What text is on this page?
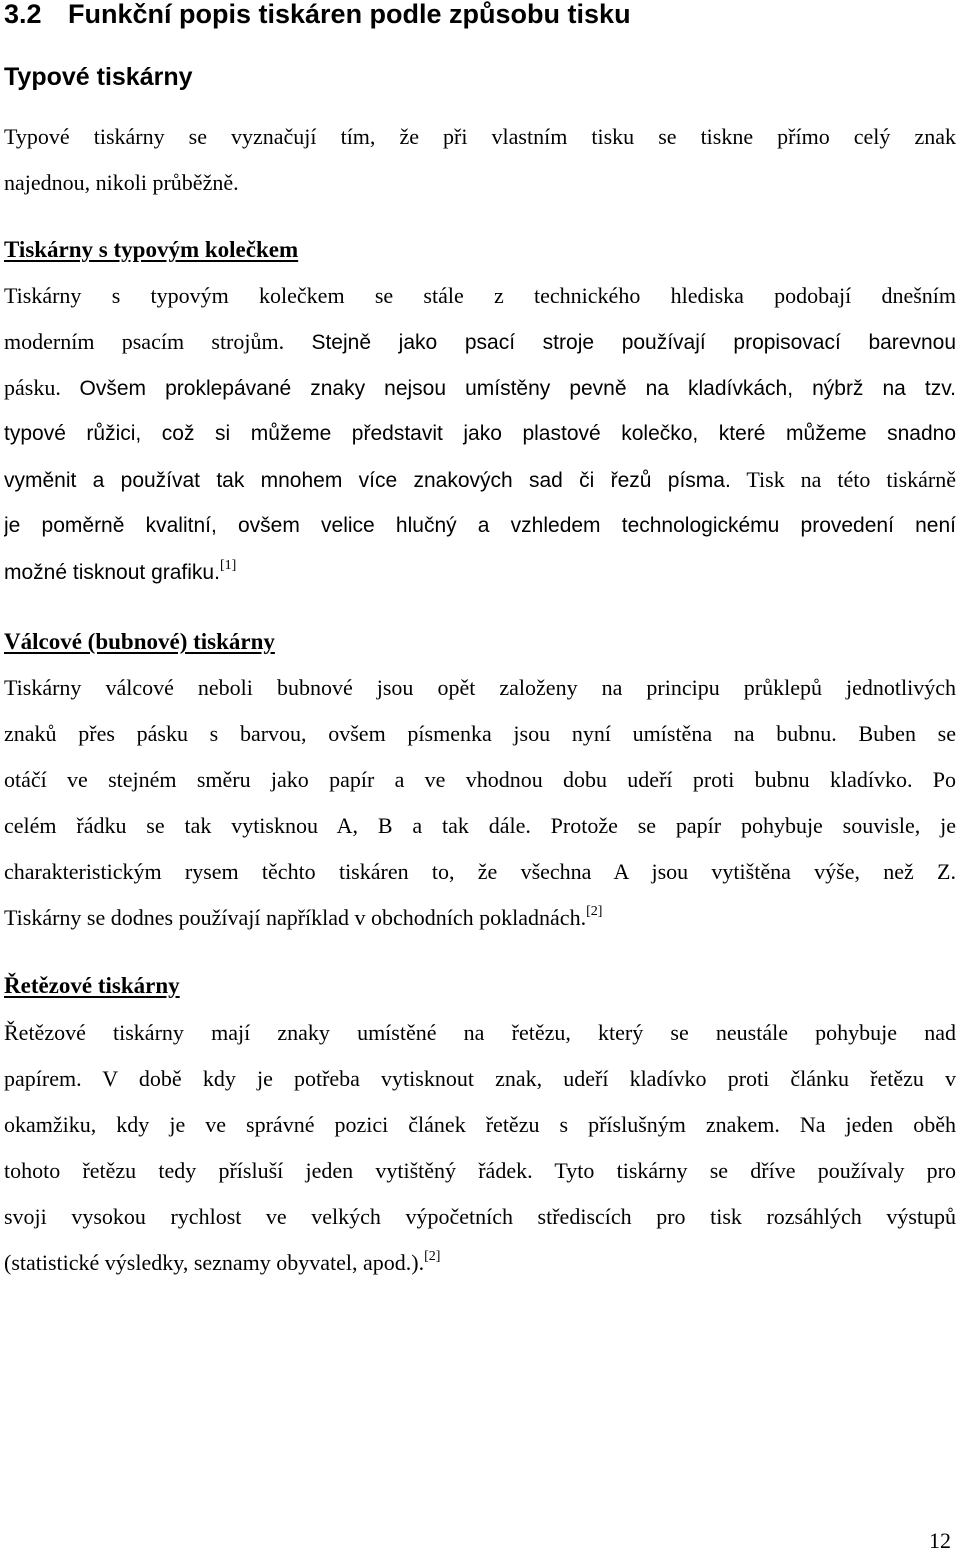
3.2 Funkční popis tiskáren podle způsobu tisku
Typové tiskárny

Typové tiskárny se vyznačují tím, že při vlastním tisku se tiskne přímo celý znak
najednou, nikoli průběžně.

Tiskárny s typovým kolečkem

Tiskárny s typovým kolečkem se stále z technického hlediska podobají dnešním
moderním psacím strojům. Stejně jako psací stroje používají propisovací barevnou
pásku. Ovšem proklepávané znaky nejsou umístěny pevně na kladívkách, nýbrž na tzv.
typové růžici, což si můžeme představit jako plastové kolečko, které můžeme snadno
vyměnit a používat tak mnohem více znakových sad či řezů písma. Tisk na této tiskárně
je poměrně kvalitní, ovšem velice hlučný a vzhledem technologickému provedení není
možné tisknout grafiku.[1]

Válcové (bubnové) tiskárny

Tiskárny válcové neboli bubnové jsou opět založeny na principu průklepů jednotlivých
znaků přes pásku s barvou, ovšem písmenka jsou nyní umístěna na bubnu. Buben se
otáčí ve stejném směru jako papír a ve vhodnou dobu udeří proti bubnu kladívko. Po
celém řádku se tak vytisknou A, B a tak dále. Protože se papír pohybuje souvisle, je
charakteristickým rysem těchto tiskáren to, že všechna A jsou vytištěna výše, než Z.
Tiskárny se dodnes používají například v obchodních pokladnách.[2]

Řetězové tiskárny

Řetězové tiskárny mají znaky umístěné na řetězu, který se neustále pohybuje nad
papírem. V době kdy je potřeba vytisknout znak, udeří kladívko proti článku řetězu v
okamžiku, kdy je ve správné pozici článek řetězu s příslušným znakem. Na jeden oběh
tohoto řetězu tedy přísluší jeden vytištěný řádek. Tyto tiskárny se dříve používaly pro
svoji vysokou rychlost ve velkých výpočetních střediscích pro tisk rozsáhlých výstupů
(statistické výsledky, seznamy obyvatel, apod.).[2]

12
